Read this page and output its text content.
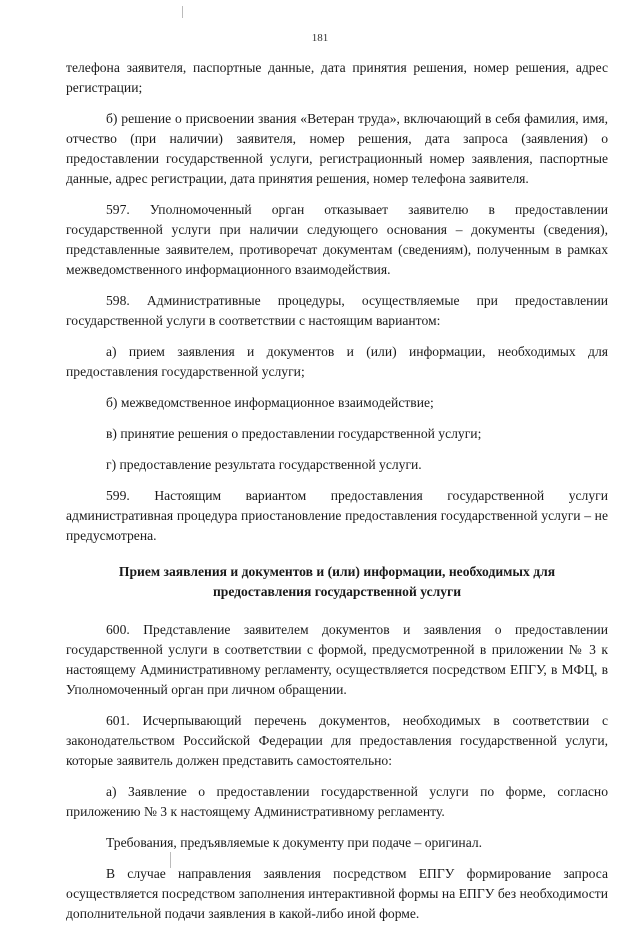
181

телефона заявителя, паспортные данные, дата принятия решения, номер решения, адрес регистрации;

б) решение о присвоении звания «Ветеран труда», включающий в себя фамилия, имя, отчество (при наличии) заявителя, номер решения, дата запроса (заявления) о предоставлении государственной услуги, регистрационный номер заявления, паспортные данные, адрес регистрации, дата принятия решения, номер телефона заявителя.

597. Уполномоченный орган отказывает заявителю в предоставлении государственной услуги при наличии следующего основания – документы (сведения), представленные заявителем, противоречат документам (сведениям), полученным в рамках межведомственного информационного взаимодействия.

598. Административные процедуры, осуществляемые при предоставлении государственной услуги в соответствии с настоящим вариантом:

а) прием заявления и документов и (или) информации, необходимых для предоставления государственной услуги;

б) межведомственное информационное взаимодействие;

в) принятие решения о предоставлении государственной услуги;

г) предоставление результата государственной услуги.

599. Настоящим вариантом предоставления государственной услуги административная процедура приостановление предоставления государственной услуги – не предусмотрена.

Прием заявления и документов и (или) информации, необходимых для предоставления государственной услуги

600. Представление заявителем документов и заявления о предоставлении государственной услуги в соответствии с формой, предусмотренной в приложении № 3 к настоящему Административному регламенту, осуществляется посредством ЕПГУ, в МФЦ, в Уполномоченный орган при личном обращении.

601. Исчерпывающий перечень документов, необходимых в соответствии с законодательством Российской Федерации для предоставления государственной услуги, которые заявитель должен представить самостоятельно:

а) Заявление о предоставлении государственной услуги по форме, согласно приложению № 3 к настоящему Административному регламенту.

Требования, предъявляемые к документу при подаче – оригинал.

В случае направления заявления посредством ЕПГУ формирование запроса осуществляется посредством заполнения интерактивной формы на ЕПГУ без необходимости дополнительной подачи заявления в какой-либо иной форме.
